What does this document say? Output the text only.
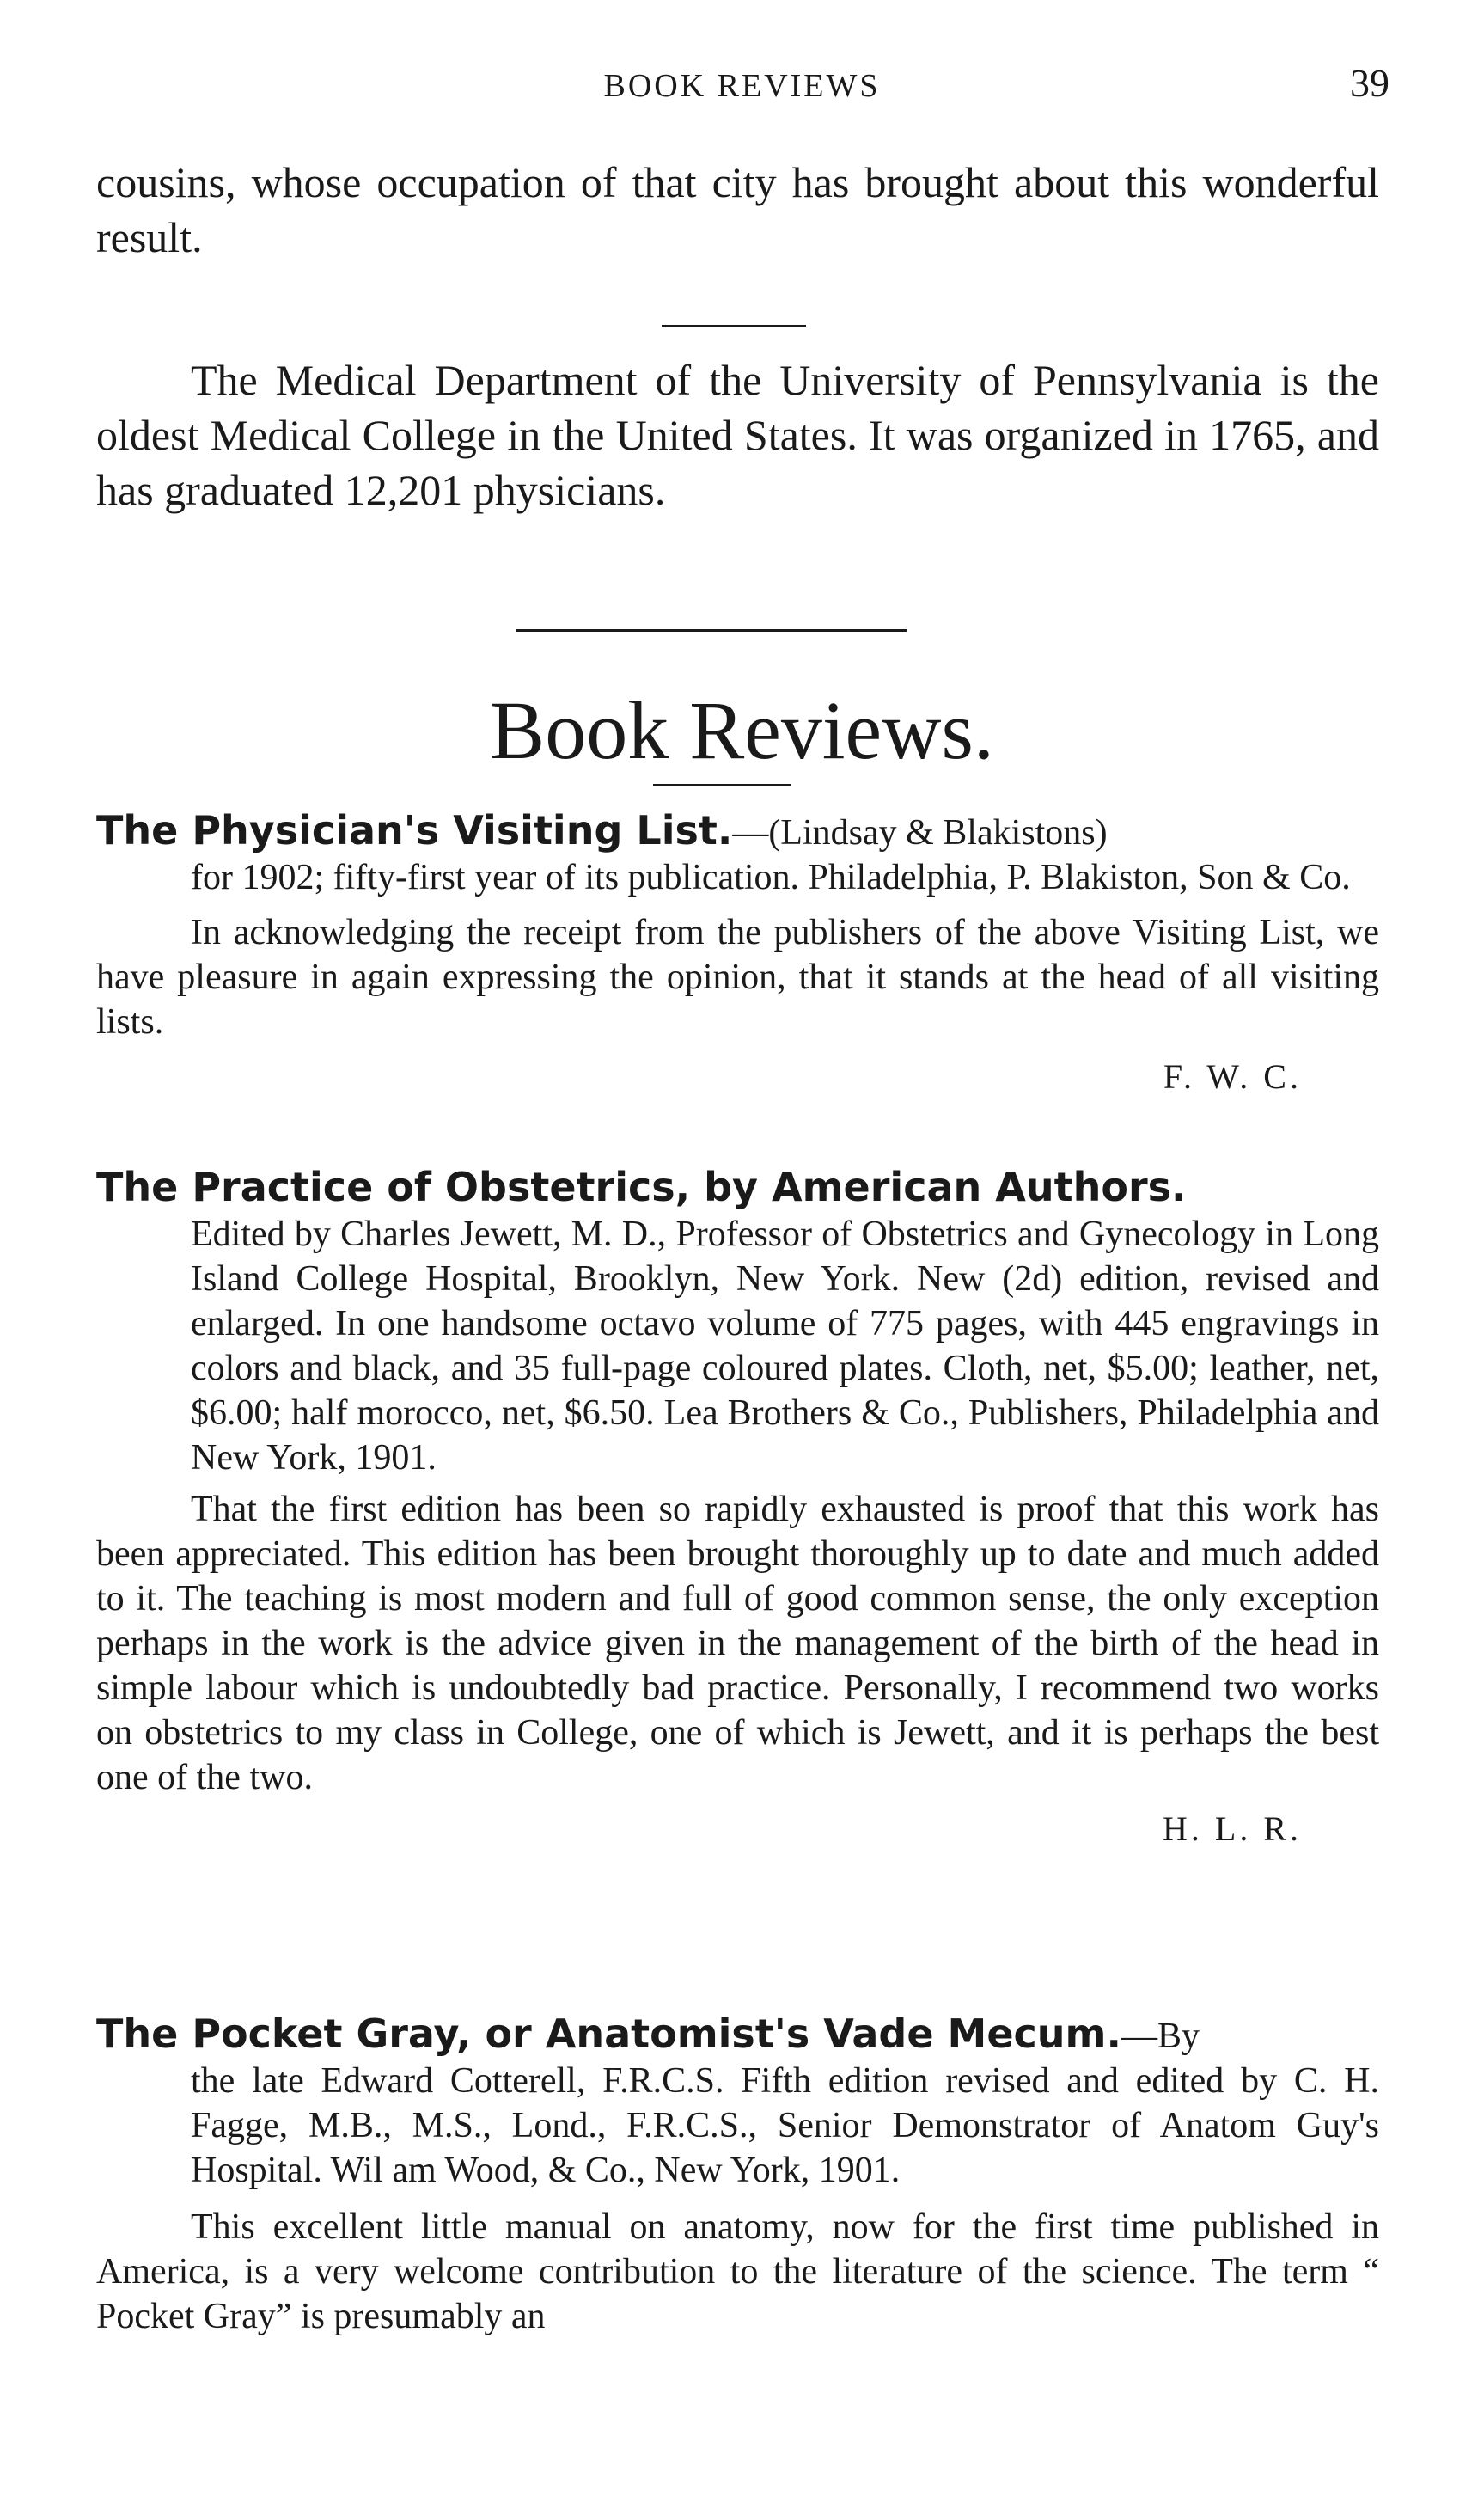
BOOK REVIEWS	39
cousins, whose occupation of that city has brought about this wonderful result.
The Medical Department of the University of Pennsylvania is the oldest Medical College in the United States. It was organized in 1765, and has graduated 12,201 physicians.
Book Reviews.
The Physician's Visiting List.—(Lindsay & Blakistons)
for 1902; fifty-first year of its publication. Philadelphia, P. Blakiston, Son & Co.
In acknowledging the receipt from the publishers of the above Visiting List, we have pleasure in again expressing the opinion, that it stands at the head of all visiting lists.
F. W. C.
The Practice of Obstetrics, by American Authors.
Edited by Charles Jewett, M. D., Professor of Obstetrics and Gynecology in Long Island College Hospital, Brooklyn, New York. New (2d) edition, revised and enlarged. In one handsome octavo volume of 775 pages, with 445 engravings in colors and black, and 35 full-page coloured plates. Cloth, net, $5.00; leather, net, $6.00; half morocco, net, $6.50. Lea Brothers & Co., Publishers, Philadelphia and New York, 1901.
That the first edition has been so rapidly exhausted is proof that this work has been appreciated. This edition has been brought thoroughly up to date and much added to it. The teaching is most modern and full of good common sense, the only exception perhaps in the work is the advice given in the management of the birth of the head in simple labour which is undoubtedly bad practice. Personally, I recommend two works on obstetrics to my class in College, one of which is Jewett, and it is perhaps the best one of the two.
H. L. R.
The Pocket Gray, or Anatomist's Vade Mecum.—By
the late Edward Cotterell, F.R.C.S. Fifth edition revised and edited by C. H. Fagge, M.B., M.S., Lond., F.R.C.S., Senior Demonstrator of Anatom Guy's Hospital. Wil am Wood, & Co., New York, 1901.
This excellent little manual on anatomy, now for the first time published in America, is a very welcome contribution to the literature of the science. The term “ Pocket Gray” is presumably an
